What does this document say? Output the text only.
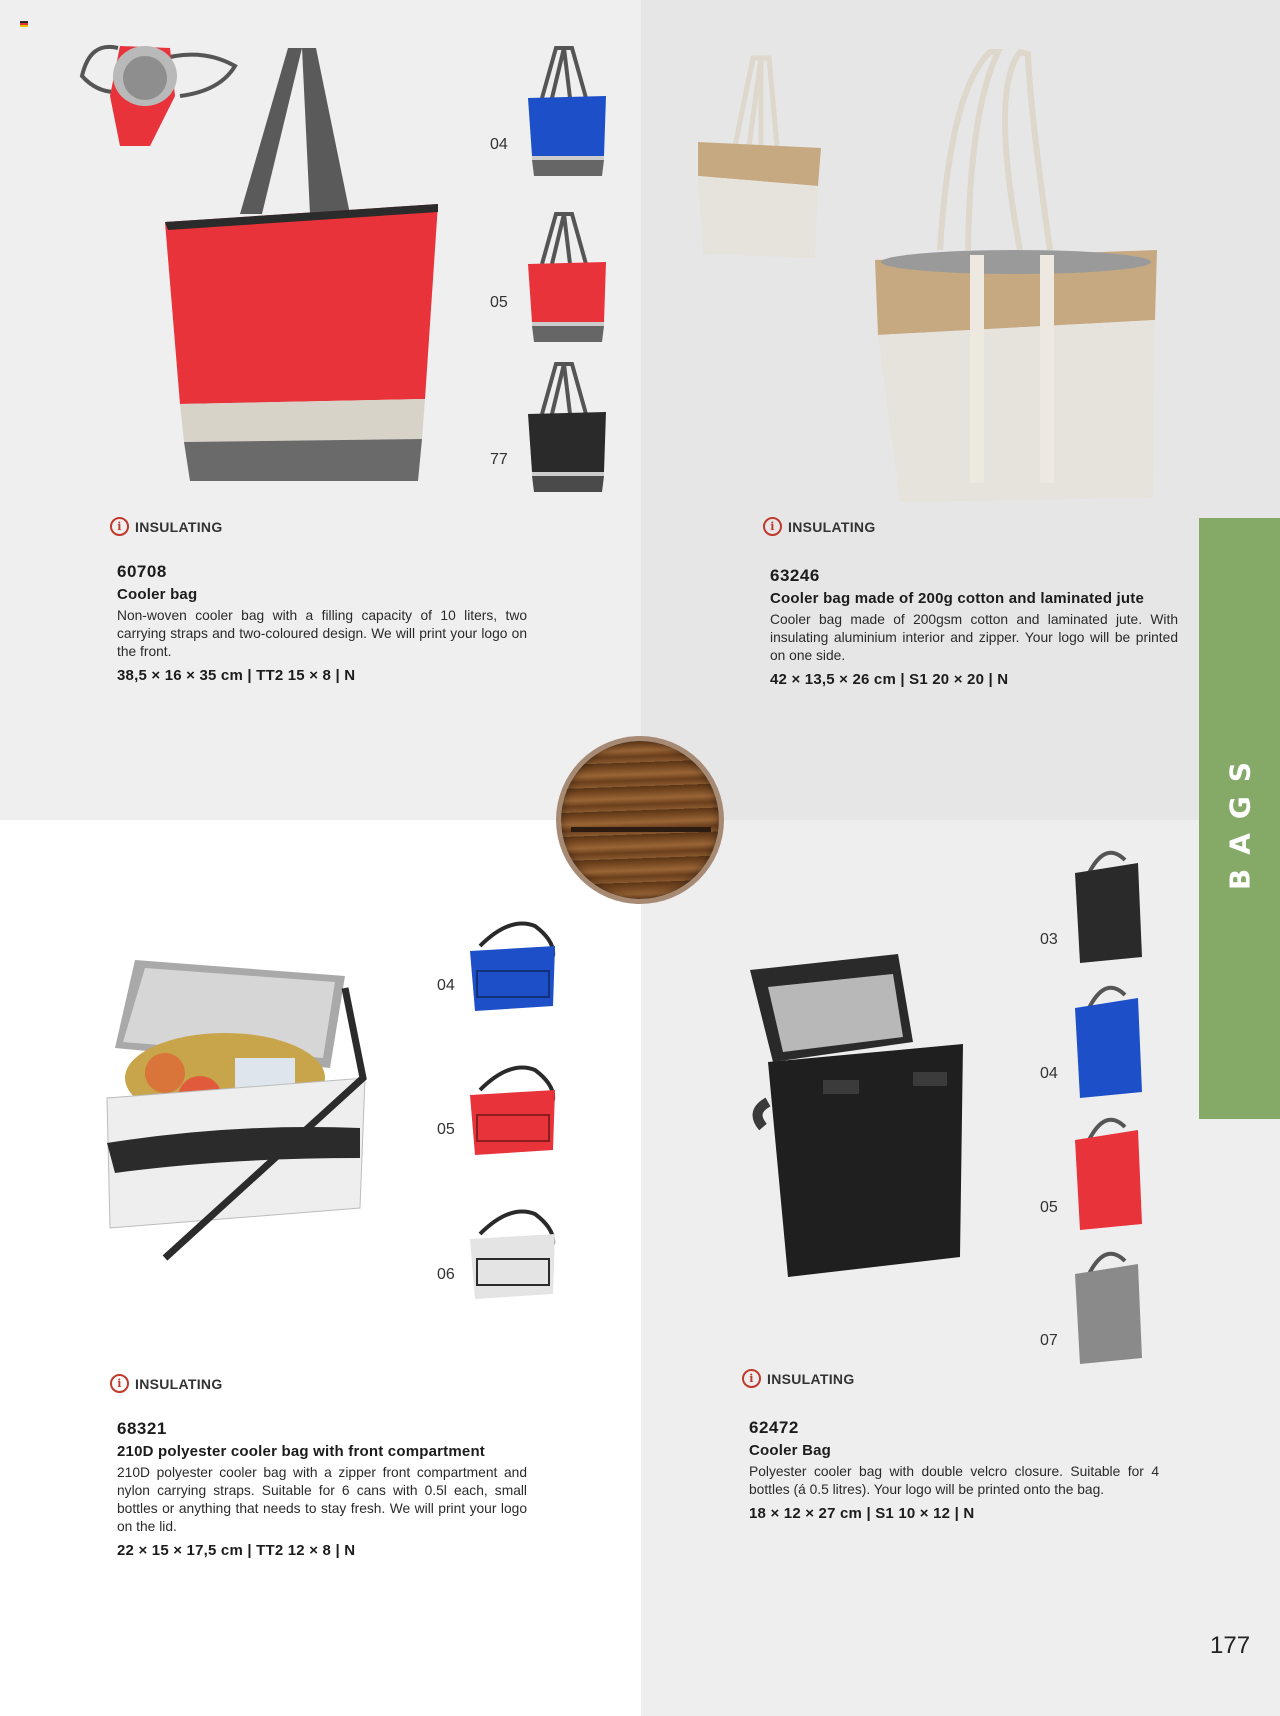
04
05
77
i INSULATING
60708
Cooler bag
Non-woven cooler bag with a filling capacity of 10 liters, two carrying straps and two-coloured design. We will print your logo on the front.
38,5 × 16 × 35 cm | TT2 15 × 8 | N
i INSULATING
63246
Cooler bag made of 200g cotton and laminated jute
Cooler bag made of 200gsm cotton and laminated jute. With insulating aluminium interior and zipper. Your logo will be printed on one side.
42 × 13,5 × 26 cm | S1 20 × 20 | N
BAGS
04
05
06
i INSULATING
68321
210D polyester cooler bag with front compartment
210D polyester cooler bag with a zipper front compartment and nylon carrying straps. Suitable for 6 cans with 0.5l each, small bottles or anything that needs to stay fresh. We will print your logo on the lid.
22 × 15 × 17,5 cm | TT2 12 × 8 | N
03
04
05
07
i INSULATING
62472
Cooler Bag
Polyester cooler bag with double velcro closure. Suitable for 4 bottles (á 0.5 litres). Your logo will be printed onto the bag.
18 × 12 × 27 cm | S1 10 × 12 | N
177
